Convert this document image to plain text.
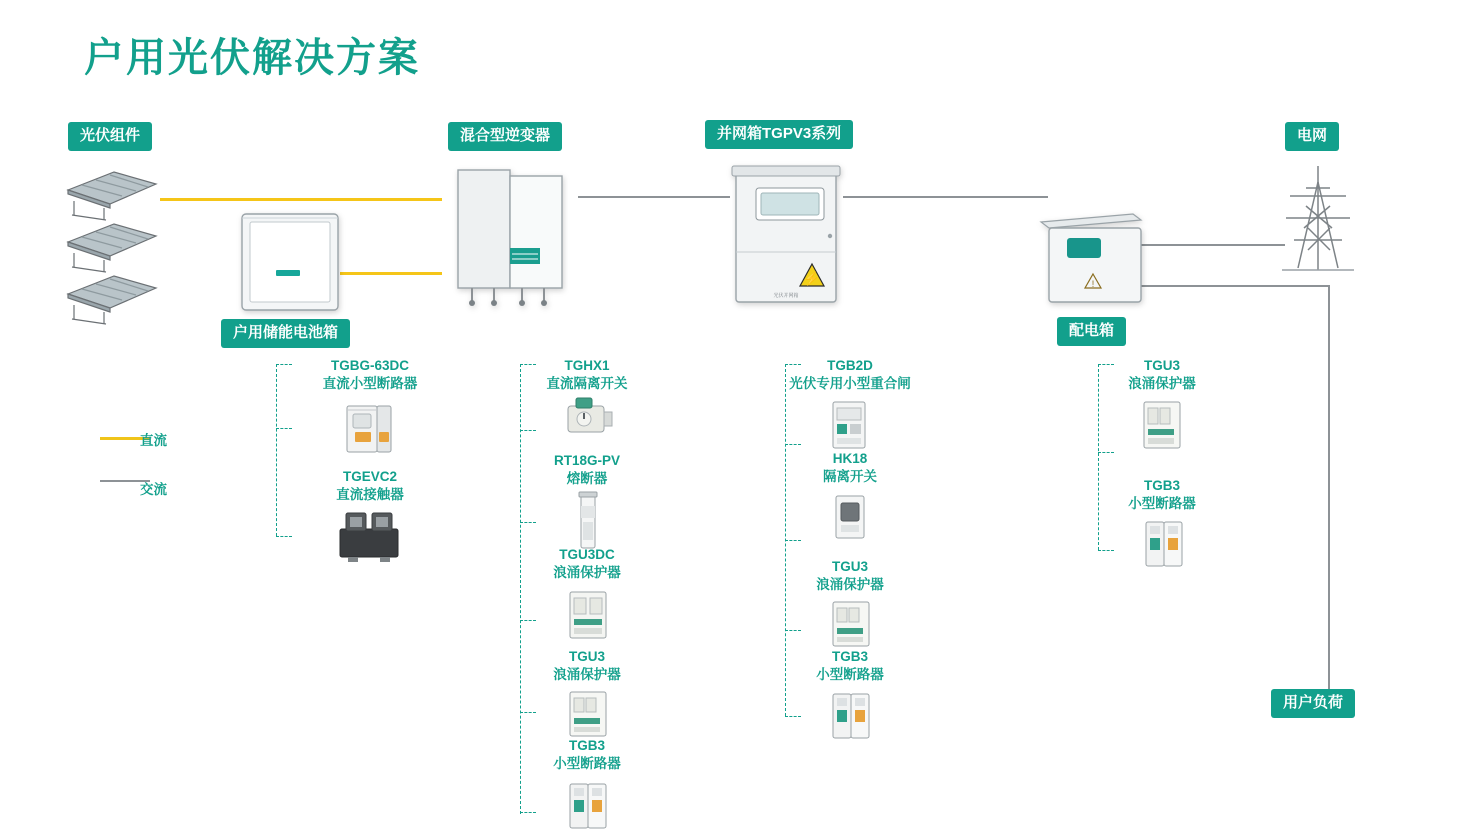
户用光伏解决方案
光伏组件	混合型逆变器	并网箱TGPV3系列	电网
户用储能电池箱	配电箱
用户负荷
⚡
光伏并网箱
!
直流
交流
TGBG-63DC
直流小型断路器
TGEVC2
直流接触器
TGHX1
直流隔离开关
RT18G-PV
熔断器
TGU3DC
浪涌保护器
TGU3
浪涌保护器
TGB3
小型断路器
TGB2D
光伏专用小型重合闸
HK18
隔离开关
TGU3
浪涌保护器
TGB3
小型断路器
TGU3
浪涌保护器
TGB3
小型断路器
